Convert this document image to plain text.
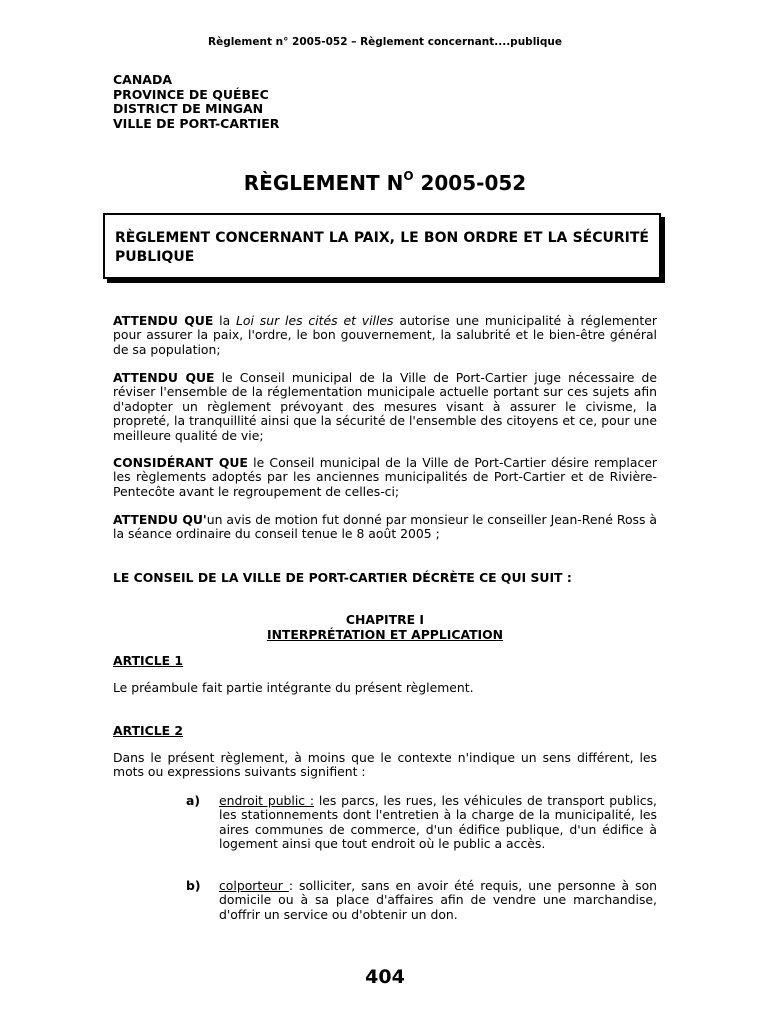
Règlement n° 2005-052 – Règlement concernant....publique
CANADA
PROVINCE DE QUÉBEC
DISTRICT DE MINGAN
VILLE DE PORT-CARTIER
RÈGLEMENT $N^O$ 2005-052
RÈGLEMENT CONCERNANT LA PAIX, LE BON ORDRE ET LA SÉCURITÉ PUBLIQUE
ATTENDU QUE la Loi sur les cités et villes autorise une municipalité à réglementer pour assurer la paix, l'ordre, le bon gouvernement, la salubrité et le bien-être général de sa population;
ATTENDU QUE le Conseil municipal de la Ville de Port-Cartier juge nécessaire de réviser l'ensemble de la réglementation municipale actuelle portant sur ces sujets afin d'adopter un règlement prévoyant des mesures visant à assurer le civisme, la propreté, la tranquillité ainsi que la sécurité de l'ensemble des citoyens et ce, pour une meilleure qualité de vie;
CONSIDÉRANT QUE le Conseil municipal de la Ville de Port-Cartier désire remplacer les règlements adoptés par les anciennes municipalités de Port-Cartier et de Rivière-Pentecôte avant le regroupement de celles-ci;
ATTENDU QU'un avis de motion fut donné par monsieur le conseiller Jean-René Ross à la séance ordinaire du conseil tenue le 8 août 2005 ;
LE CONSEIL DE LA VILLE DE PORT-CARTIER DÉCRÈTE CE QUI SUIT :
CHAPITRE I
INTERPRÉTATION ET APPLICATION
ARTICLE 1
Le préambule fait partie intégrante du présent règlement.
ARTICLE 2
Dans le présent règlement, à moins que le contexte n'indique un sens différent, les mots ou expressions suivants signifient :
a) endroit public : les parcs, les rues, les véhicules de transport publics, les stationnements dont l'entretien à la charge de la municipalité, les aires communes de commerce, d'un édifice publique, d'un édifice à logement ainsi que tout endroit où le public a accès.
b) colporteur : solliciter, sans en avoir été requis, une personne à son domicile ou à sa place d'affaires afin de vendre une marchandise, d'offrir un service ou d'obtenir un don.
404
